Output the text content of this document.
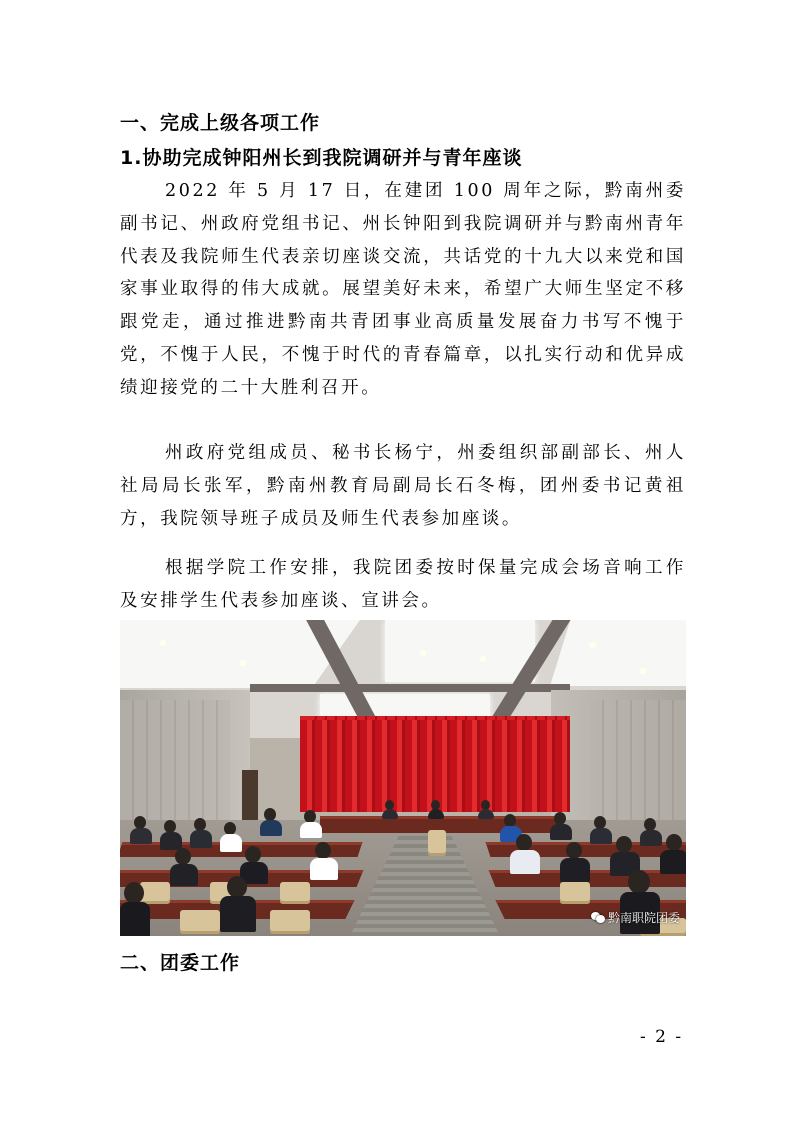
一、完成上级各项工作
1.协助完成钟阳州长到我院调研并与青年座谈

2022 年 5 月 17 日，在建团 100 周年之际，黔南州委副书记、州政府党组书记、州长钟阳到我院调研并与黔南州青年代表及我院师生代表亲切座谈交流，共话党的十九大以来党和国家事业取得的伟大成就。展望美好未来，希望广大师生坚定不移跟党走，通过推进黔南共青团事业高质量发展奋力书写不愧于党，不愧于人民，不愧于时代的青春篇章，以扎实行动和优异成绩迎接党的二十大胜利召开。

州政府党组成员、秘书长杨宁，州委组织部副部长、州人社局局长张军，黔南州教育局副局长石冬梅，团州委书记黄祖方，我院领导班子成员及师生代表参加座谈。

根据学院工作安排，我院团委按时保量完成会场音响工作及安排学生代表参加座谈、宣讲会。

黔南职院团委
二、团委工作
- 2 -
